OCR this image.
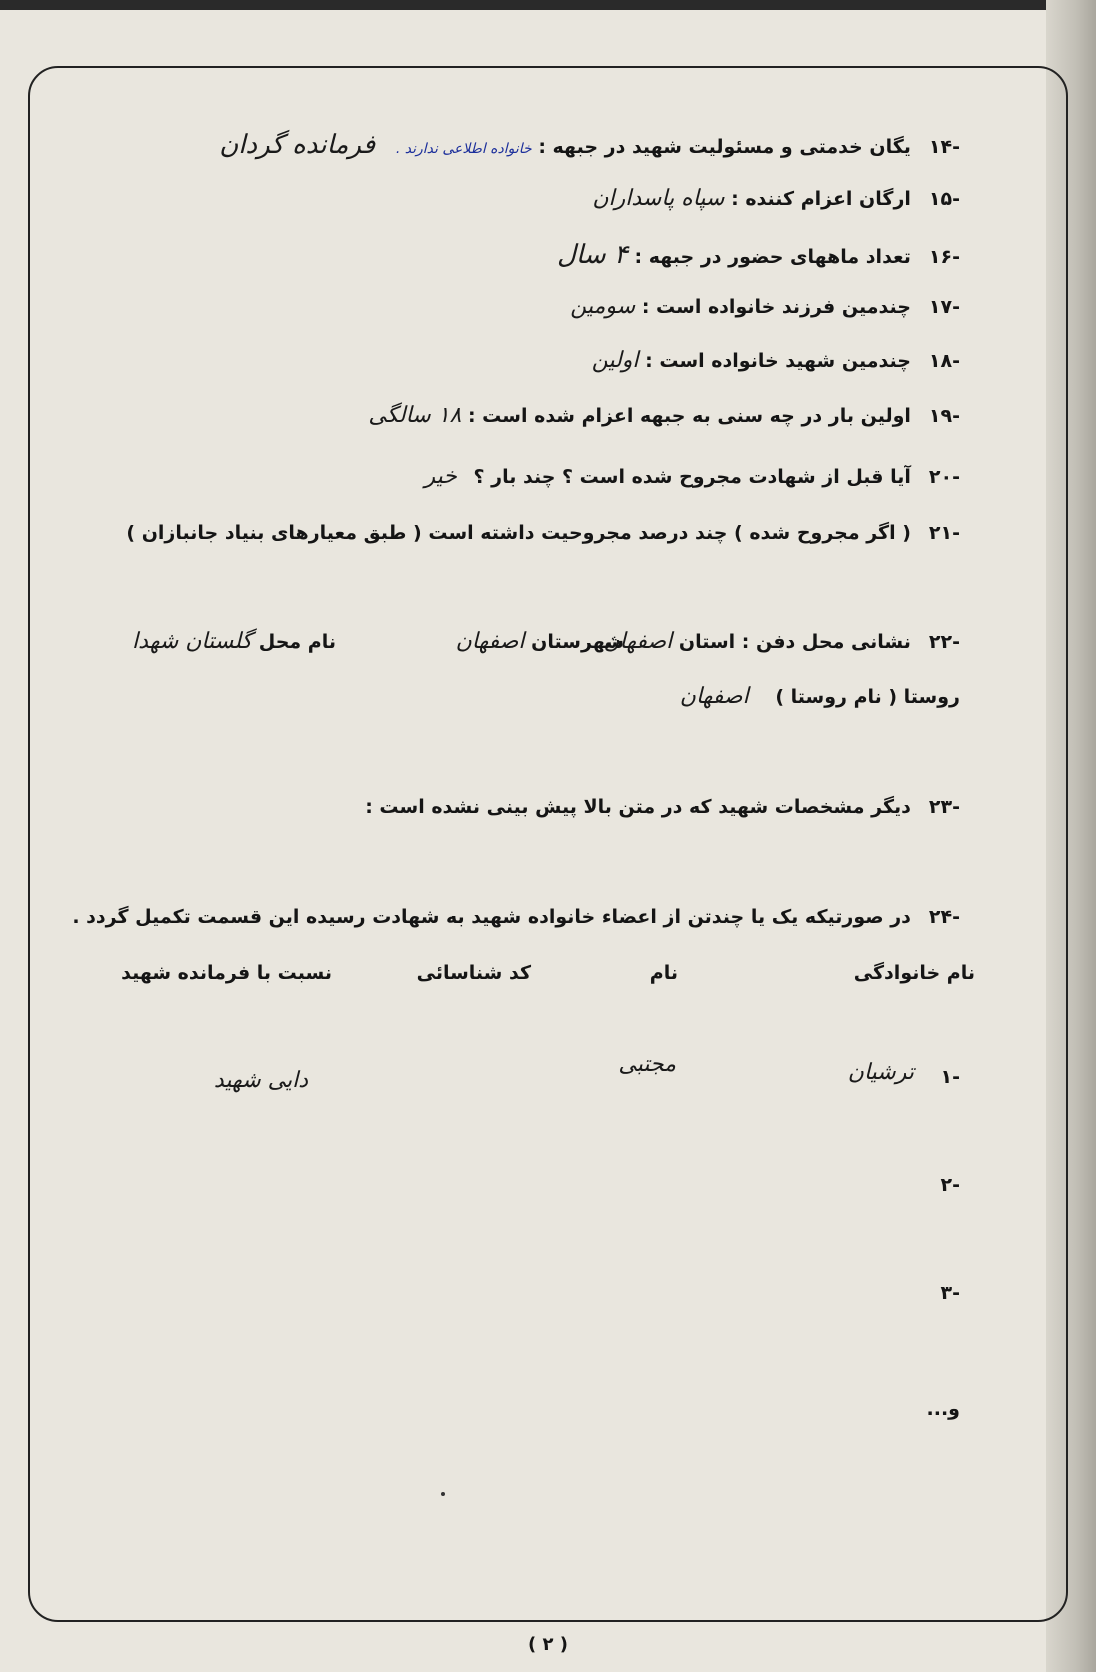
-۱۴یگان خدمتی و مسئولیت شهید در جبهه : خانواده اطلاعی ندارند . فرمانده گردان
-۱۵ارگان اعزام کننده : سپاه پاسداران
-۱۶تعداد ماههای حضور در جبهه : ۴ سال
-۱۷چندمین فرزند خانواده است : سومین
-۱۸چندمین شهید خانواده است : اولین
-۱۹اولین بار در چه سنی به جبهه اعزام شده است : ۱۸ سالگی
-۲۰آیا قبل از شهادت مجروح شده است ؟ چند بار ؟ خیر
-۲۱( اگر مجروح شده ) چند درصد مجروحیت داشته است ( طبق معیارهای بنیاد جانبازان )
-۲۲نشانی محل دفن : استان اصفهان
شهرستان اصفهان
نام محل گلستان شهدا
روستا ( نام روستا ) اصفهان
-۲۳دیگر مشخصات شهید که در متن بالا پیش بینی نشده است :
-۲۴در صورتیکه یک یا چندتن از اعضاء خانواده شهید به شهادت رسیده این قسمت تکمیل گردد .
نام خانوادگی
نام
کد شناسائی
نسبت با فرمانده شهید
-۱
ترشیان
مجتبی
دایی شهید
-۲
-۳
و...
( ۲ )
